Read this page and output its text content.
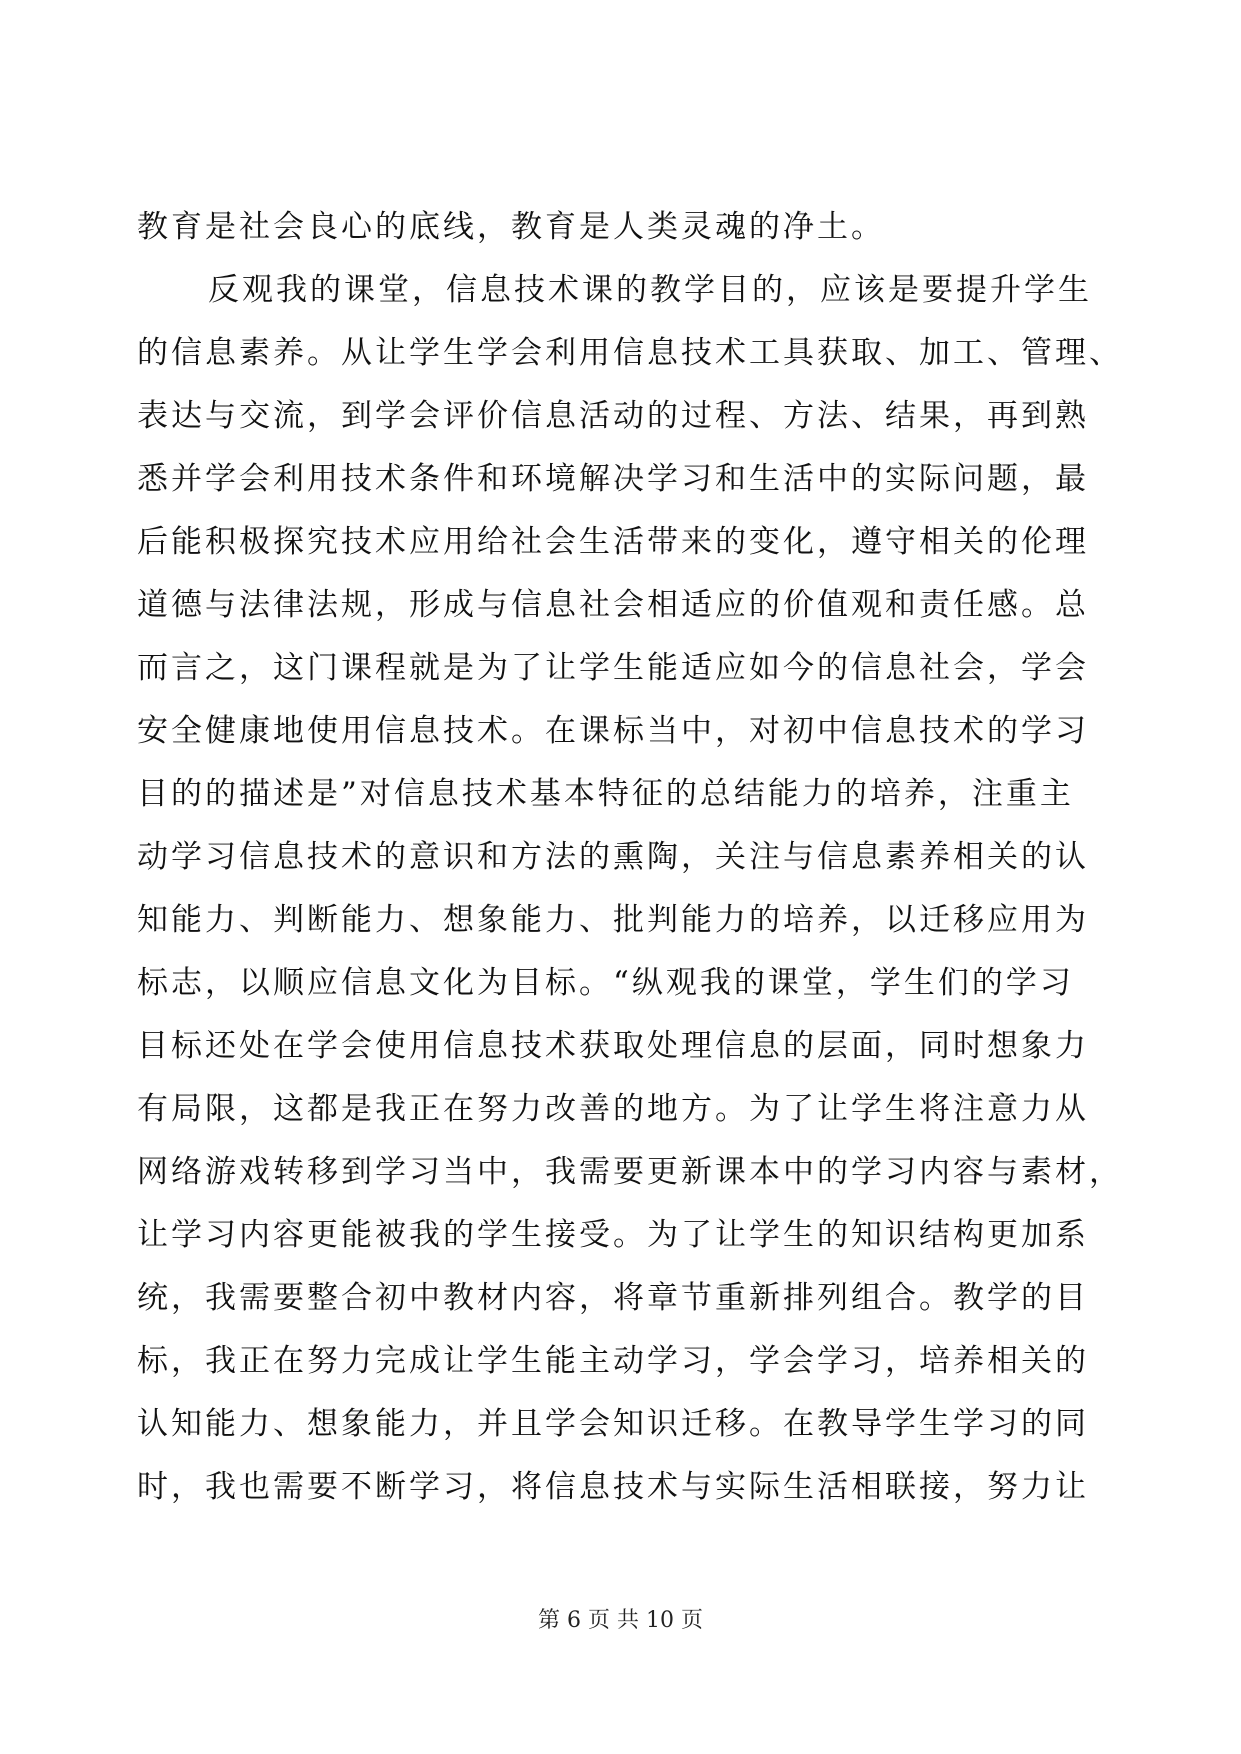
教育是社会良心的底线，教育是人类灵魂的净土。
反观我的课堂，信息技术课的教学目的，应该是要提升学生
的信息素养。从让学生学会利用信息技术工具获取、加工、管理、
表达与交流，到学会评价信息活动的过程、方法、结果，再到熟
悉并学会利用技术条件和环境解决学习和生活中的实际问题，最
后能积极探究技术应用给社会生活带来的变化，遵守相关的伦理
道德与法律法规，形成与信息社会相适应的价值观和责任感。总
而言之，这门课程就是为了让学生能适应如今的信息社会，学会
安全健康地使用信息技术。在课标当中，对初中信息技术的学习
目的的描述是”对信息技术基本特征的总结能力的培养，注重主
动学习信息技术的意识和方法的熏陶，关注与信息素养相关的认
知能力、判断能力、想象能力、批判能力的培养，以迁移应用为
标志，以顺应信息文化为目标。“纵观我的课堂，学生们的学习
目标还处在学会使用信息技术获取处理信息的层面，同时想象力
有局限，这都是我正在努力改善的地方。为了让学生将注意力从
网络游戏转移到学习当中，我需要更新课本中的学习内容与素材，
让学习内容更能被我的学生接受。为了让学生的知识结构更加系
统，我需要整合初中教材内容，将章节重新排列组合。教学的目
标，我正在努力完成让学生能主动学习，学会学习，培养相关的
认知能力、想象能力，并且学会知识迁移。在教导学生学习的同
时，我也需要不断学习，将信息技术与实际生活相联接，努力让
第 6 页 共 10 页
